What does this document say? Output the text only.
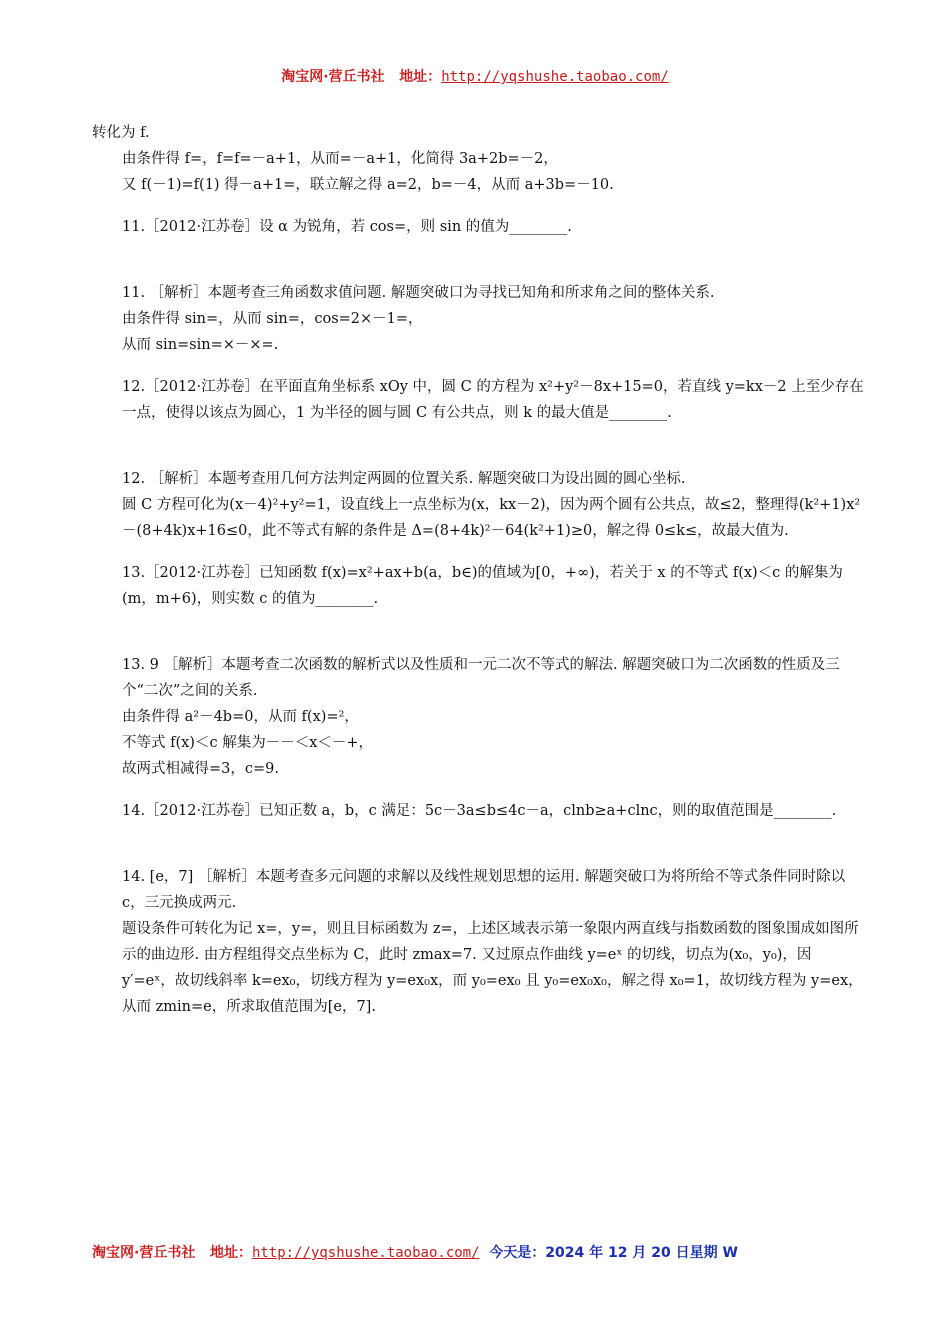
淘宝网·营丘书社 地址：http://yqshushe.taobao.com/

转化为 f.

由条件得 f=，f=f=－a+1，从而=－a+1，化简得 3a+2b=－2，

又 f(－1)=f(1) 得－a+1=，联立解之得 a=2，b=－4，从而 a+3b=－10.

11.［2012·江苏卷］设 α 为锐角，若 cos=，则 sin 的值为________.

11. ［解析］本题考查三角函数求值问题. 解题突破口为寻找已知角和所求角之间的整体关系.

由条件得 sin=，从而 sin=，cos=2×－1=，

从而 sin=sin=×－×=.

12.［2012·江苏卷］在平面直角坐标系 xOy 中，圆 C 的方程为 x²+y²－8x+15=0，若直线 y=kx－2 上至少存在一点，使得以该点为圆心，1 为半径的圆与圆 C 有公共点，则 k 的最大值是________.

12. ［解析］本题考查用几何方法判定两圆的位置关系. 解题突破口为设出圆的圆心坐标.

圆 C 方程可化为(x－4)²+y²=1，设直线上一点坐标为(x，kx－2)，因为两个圆有公共点，故≤2，整理得(k²+1)x²－(8+4k)x+16≤0，此不等式有解的条件是 Δ=(8+4k)²－64(k²+1)≥0，解之得 0≤k≤，故最大值为.

13.［2012·江苏卷］已知函数 f(x)=x²+ax+b(a，b∈)的值域为[0，+∞)，若关于 x 的不等式 f(x)＜c 的解集为(m，m+6)，则实数 c 的值为________.

13. 9 ［解析］本题考查二次函数的解析式以及性质和一元二次不等式的解法. 解题突破口为二次函数的性质及三个“二次”之间的关系.

由条件得 a²－4b=0，从而 f(x)=²，

不等式 f(x)＜c 解集为－－＜x＜－+，

故两式相减得=3，c=9.

14.［2012·江苏卷］已知正数 a，b，c 满足：5c－3a≤b≤4c－a，clnb≥a+clnc，则的取值范围是________.

14. [e，7] ［解析］本题考查多元问题的求解以及线性规划思想的运用. 解题突破口为将所给不等式条件同时除以 c，三元换成两元.

题设条件可转化为记 x=，y=，则且目标函数为 z=，上述区域表示第一象限内两直线与指数函数的图象围成如图所示的曲边形. 由方程组得交点坐标为 C，此时 zmax=7. 又过原点作曲线 y=eˣ 的切线，切点为(x₀，y₀)，因 y′=eˣ，故切线斜率 k=ex₀，切线方程为 y=ex₀x，而 y₀=ex₀ 且 y₀=ex₀x₀，解之得 x₀=1，故切线方程为 y=ex，从而 zmin=e，所求取值范围为[e，7].

淘宝网·营丘书社 地址：http://yqshushe.taobao.com/ 今天是：2024 年 12 月 20 日星期 W
